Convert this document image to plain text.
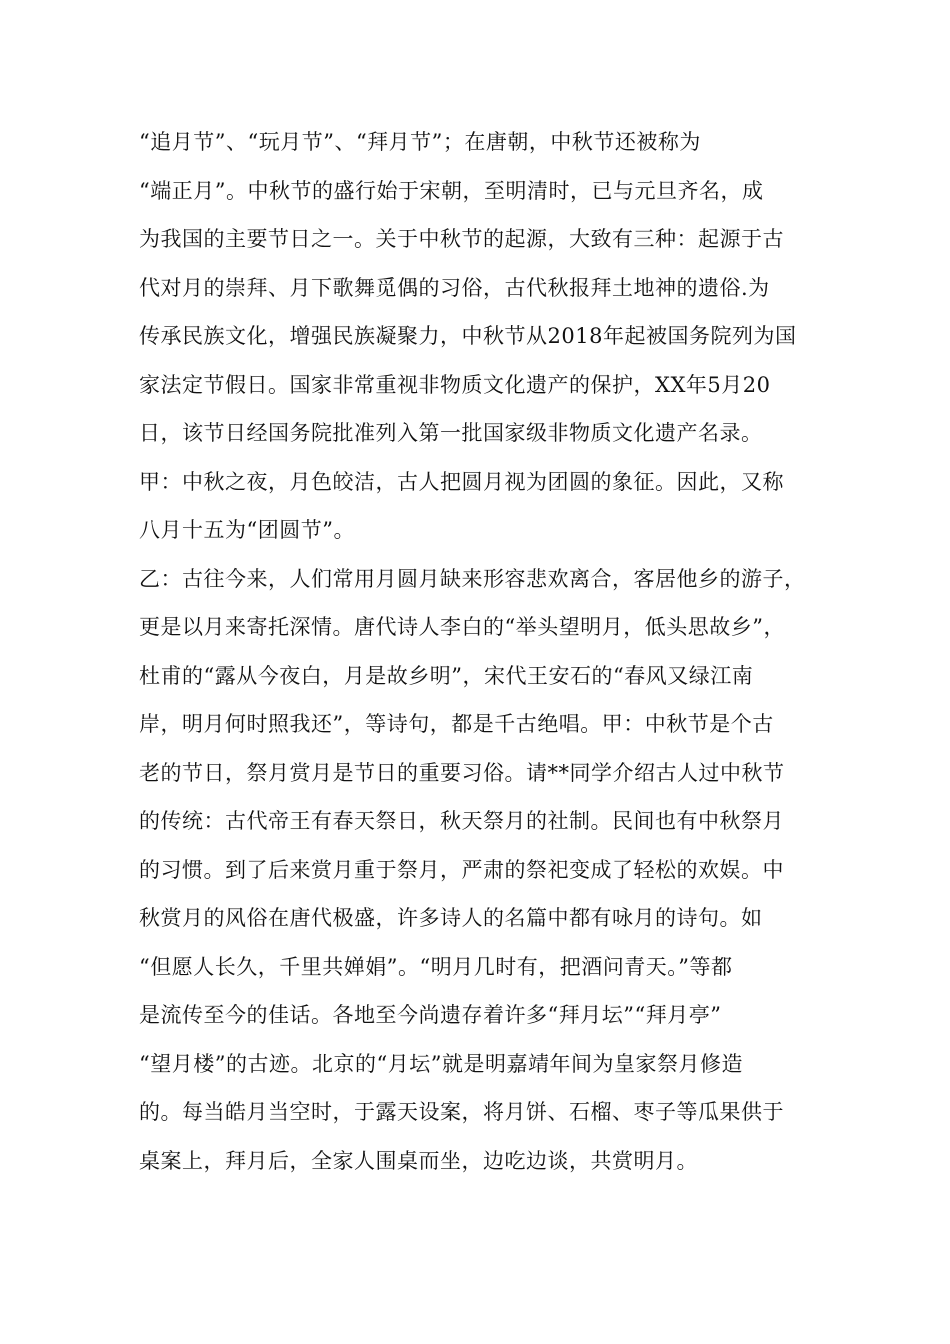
“追月节”、“玩月节”、“拜月节”；在唐朝，中秋节还被称为
“端正月”。中秋节的盛行始于宋朝，至明清时，已与元旦齐名，成
为我国的主要节日之一。关于中秋节的起源，大致有三种：起源于古
代对月的崇拜、月下歌舞觅偶的习俗，古代秋报拜土地神的遗俗.为
传承民族文化，增强民族凝聚力，中秋节从2018年起被国务院列为国
家法定节假日。国家非常重视非物质文化遗产的保护，XX年5月20
日，该节日经国务院批准列入第一批国家级非物质文化遗产名录。
甲：中秋之夜，月色皎洁，古人把圆月视为团圆的象征。因此，又称
八月十五为“团圆节”。
乙：古往今来，人们常用月圆月缺来形容悲欢离合，客居他乡的游子，
更是以月来寄托深情。唐代诗人李白的“举头望明月，低头思故乡”，
杜甫的“露从今夜白，月是故乡明”，宋代王安石的“春风又绿江南
岸，明月何时照我还”，等诗句，都是千古绝唱。甲：中秋节是个古
老的节日，祭月赏月是节日的重要习俗。请**同学介绍古人过中秋节
的传统：古代帝王有春天祭日，秋天祭月的社制。民间也有中秋祭月
的习惯。到了后来赏月重于祭月，严肃的祭祀变成了轻松的欢娱。中
秋赏月的风俗在唐代极盛，许多诗人的名篇中都有咏月的诗句。如
“但愿人长久，千里共婵娟”。“明月几时有，把酒问青天。”等都
是流传至今的佳话。各地至今尚遗存着许多“拜月坛”“拜月亭”
“望月楼”的古迹。北京的“月坛”就是明嘉靖年间为皇家祭月修造
的。每当皓月当空时，于露天设案，将月饼、石榴、枣子等瓜果供于
桌案上，拜月后，全家人围桌而坐，边吃边谈，共赏明月。
